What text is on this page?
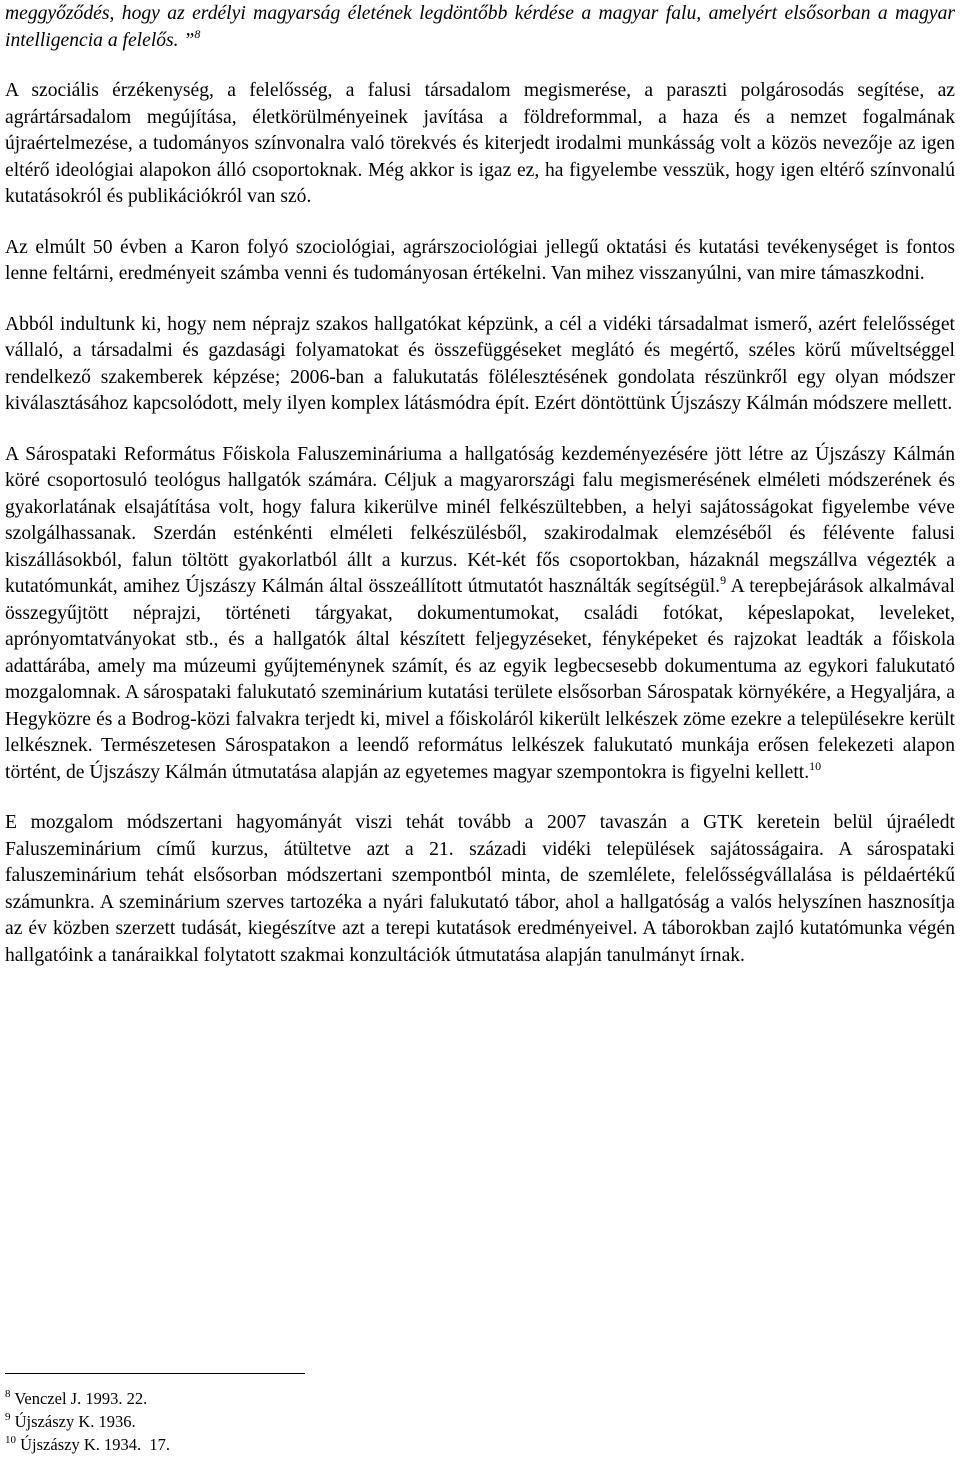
meggyőződés, hogy az erdélyi magyarság életének legdöntőbb kérdése a magyar falu, amelyért elsősorban a magyar intelligencia a felelős. ”$^8$

A szociális érzékenység, a felelősség, a falusi társadalom megismerése, a paraszti polgárosodás segítése, az agrártársadalom megújítása, életkörülményeinek javítása a földreformmal, a haza és a nemzet fogalmának újraértelmezése, a tudományos színvonalra való törekvés és kiterjedt irodalmi munkásság volt a közös nevezője az igen eltérő ideológiai alapokon álló csoportoknak. Még akkor is igaz ez, ha figyelembe vesszük, hogy igen eltérő színvonalú kutatásokról és publikációkról van szó.

Az elmúlt 50 évben a Karon folyó szociológiai, agrárszociológiai jellegű oktatási és kutatási tevékenységet is fontos lenne feltárni, eredményeit számba venni és tudományosan értékelni. Van mihez visszanyúlni, van mire támaszkodni.

Abból indultunk ki, hogy nem néprajz szakos hallgatókat képzünk, a cél a vidéki társadalmat ismerő, azért felelősséget vállaló, a társadalmi és gazdasági folyamatokat és összefüggéseket meglátó és megértő, széles körű műveltséggel rendelkező szakemberek képzése; 2006-ban a falukutatás fölélesztésének gondolata részünkről egy olyan módszer kiválasztásához kapcsolódott, mely ilyen komplex látásmódra épít. Ezért döntöttünk Újszászy Kálmán módszere mellett.

A Sárospataki Református Főiskola Faluszemináriuma a hallgatóság kezdeményezésére jött létre az Újszászy Kálmán köré csoportosuló teológus hallgatók számára. Céljuk a magyarországi falu megismerésének elméleti módszerének és gyakorlatának elsajátítása volt, hogy falura kikerülve minél felkészültebben, a helyi sajátosságokat figyelembe véve szolgálhassanak. Szerdán esténkénti elméleti felkészülésből, szakirodalmak elemzéséből és félévente falusi kiszállásokból, falun töltött gyakorlatból állt a kurzus. Két-két fős csoportokban, házaknál megszállva végezték a kutatómunkát, amihez Újszászy Kálmán által összeállított útmutatót használták segítségül.$^9$ A terepbejárások alkalmával összegyűjtött néprajzi, történeti tárgyakat, dokumentumokat, családi fotókat, képeslapokat, leveleket, aprónyomtatványokat stb., és a hallgatók által készített feljegyzéseket, fényképeket és rajzokat leadták a főiskola adattárába, amely ma múzeumi gyűjteménynek számít, és az egyik legbecsesebb dokumentuma az egykori falukutató mozgalomnak. A sárospataki falukutató szeminárium kutatási területe elsősorban Sárospatak környékére, a Hegyaljára, a Hegyközre és a Bodrog-közi falvakra terjedt ki, mivel a főiskoláról kikerült lelkészek zöme ezekre a településekre került lelkésznek. Természetesen Sárospatakon a leendő református lelkészek falukutató munkája erősen felekezeti alapon történt, de Újszászy Kálmán útmutatása alapján az egyetemes magyar szempontokra is figyelni kellett.$^{10}$

E mozgalom módszertani hagyományát viszi tehát tovább a 2007 tavaszán a GTK keretein belül újraéledt Faluszeminárium című kurzus, átültetve azt a 21. századi vidéki települések sajátosságaira. A sárospataki faluszeminárium tehát elsősorban módszertani szempontból minta, de szemlélete, felelősségvállalása is példaértékű számunkra. A szeminárium szerves tartozéka a nyári falukutató tábor, ahol a hallgatóság a valós helyszínen hasznosítja az év közben szerzett tudását, kiegészítve azt a terepi kutatások eredményeivel. A táborokban zajló kutatómunka végén hallgatóink a tanáraikkal folytatott szakmai konzultációk útmutatása alapján tanulmányt írnak.

$^8$ Venczel J. 1993. 22.
$^9$ Újszászy K. 1936.
$^{10}$ Újszászy K. 1934.  17.
